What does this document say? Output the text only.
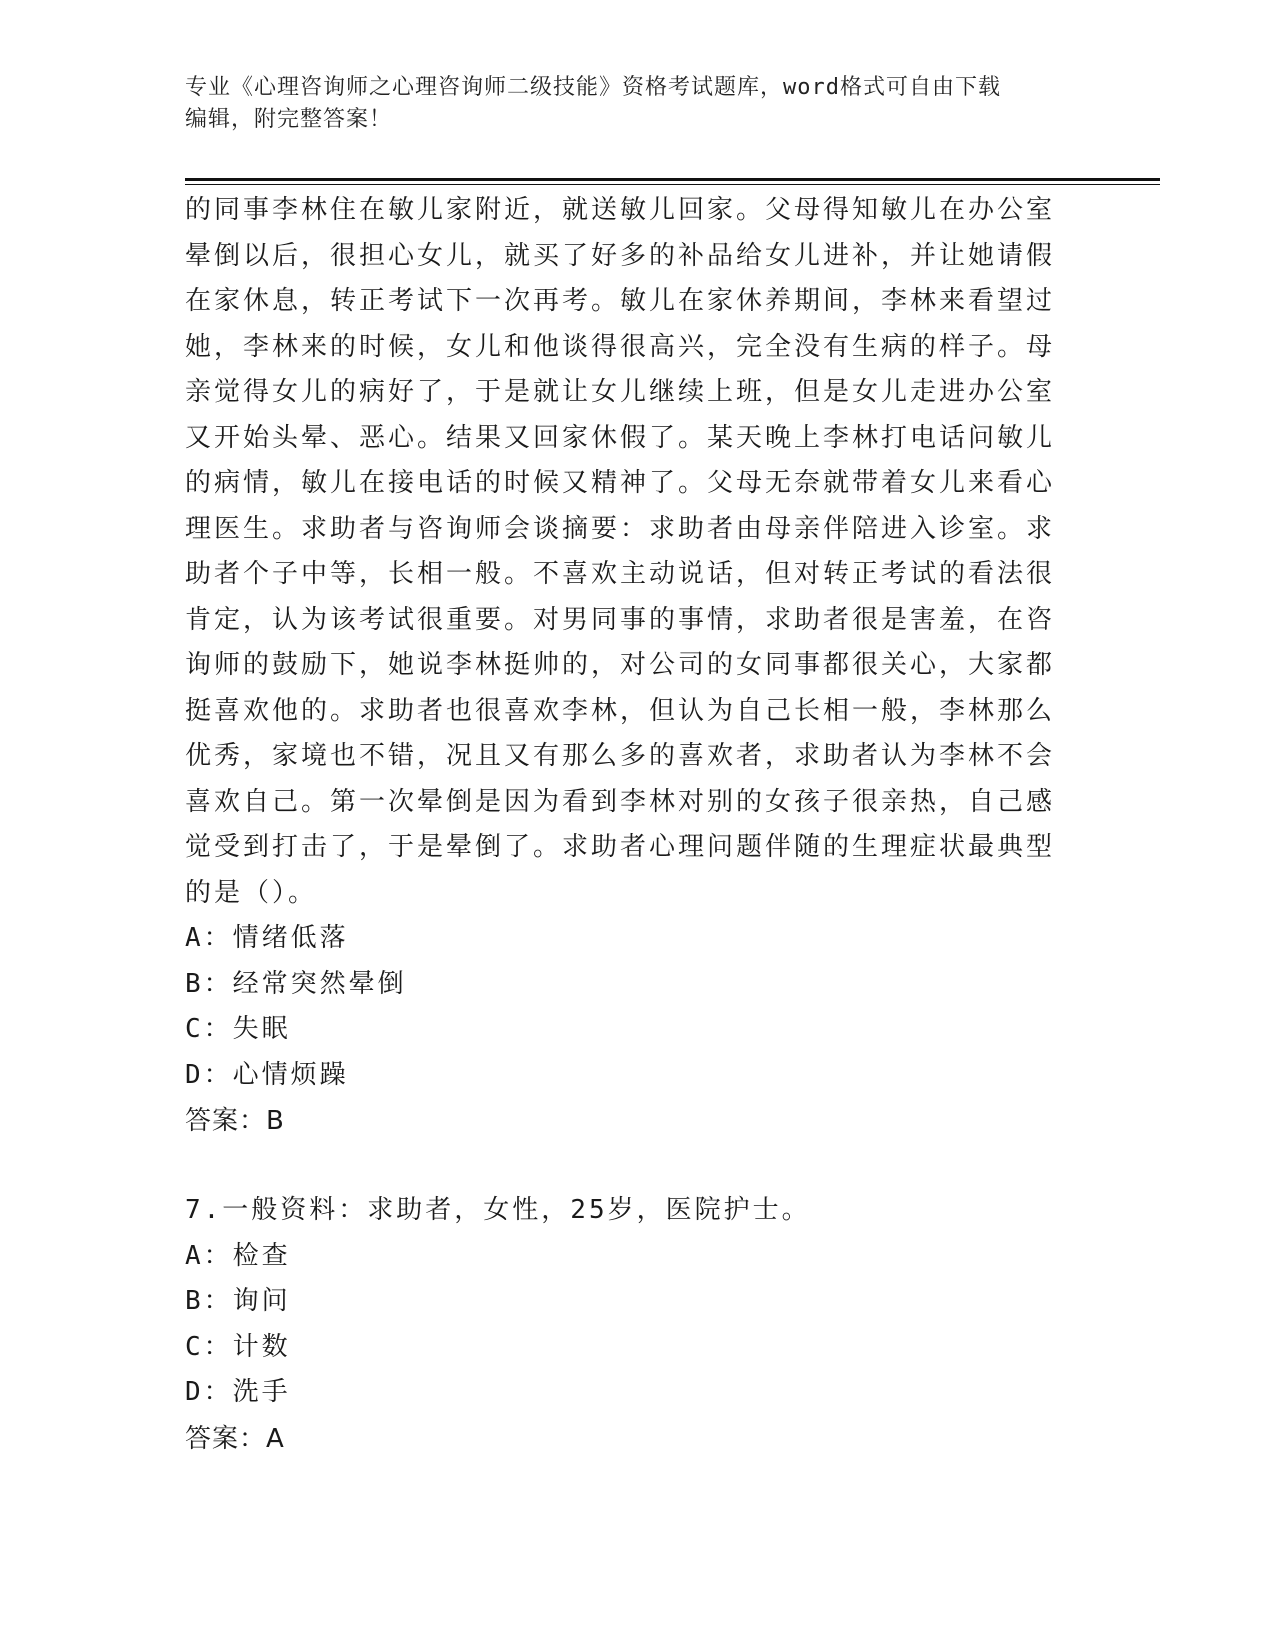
专业《心理咨询师之心理咨询师二级技能》资格考试题库，word格式可自由下载
编辑，附完整答案！
的同事李林住在敏儿家附近，就送敏儿回家。父母得知敏儿在办公室
晕倒以后，很担心女儿，就买了好多的补品给女儿进补，并让她请假
在家休息，转正考试下一次再考。敏儿在家休养期间，李林来看望过
她，李林来的时候，女儿和他谈得很高兴，完全没有生病的样子。母
亲觉得女儿的病好了，于是就让女儿继续上班，但是女儿走进办公室
又开始头晕、恶心。结果又回家休假了。某天晚上李林打电话问敏儿
的病情，敏儿在接电话的时候又精神了。父母无奈就带着女儿来看心
理医生。求助者与咨询师会谈摘要：求助者由母亲伴陪进入诊室。求
助者个子中等，长相一般。不喜欢主动说话，但对转正考试的看法很
肯定，认为该考试很重要。对男同事的事情，求助者很是害羞，在咨
询师的鼓励下，她说李林挺帅的，对公司的女同事都很关心，大家都
挺喜欢他的。求助者也很喜欢李林，但认为自己长相一般，李林那么
优秀，家境也不错，况且又有那么多的喜欢者，求助者认为李林不会
喜欢自己。第一次晕倒是因为看到李林对别的女孩子很亲热，自己感
觉受到打击了，于是晕倒了。求助者心理问题伴随的生理症状最典型
的是（）。
A：情绪低落
B：经常突然晕倒
C：失眠
D：心情烦躁
答案：B
7.一般资料：求助者，女性，25岁，医院护士。
A：检查
B：询问
C：计数
D：洗手
答案：A
